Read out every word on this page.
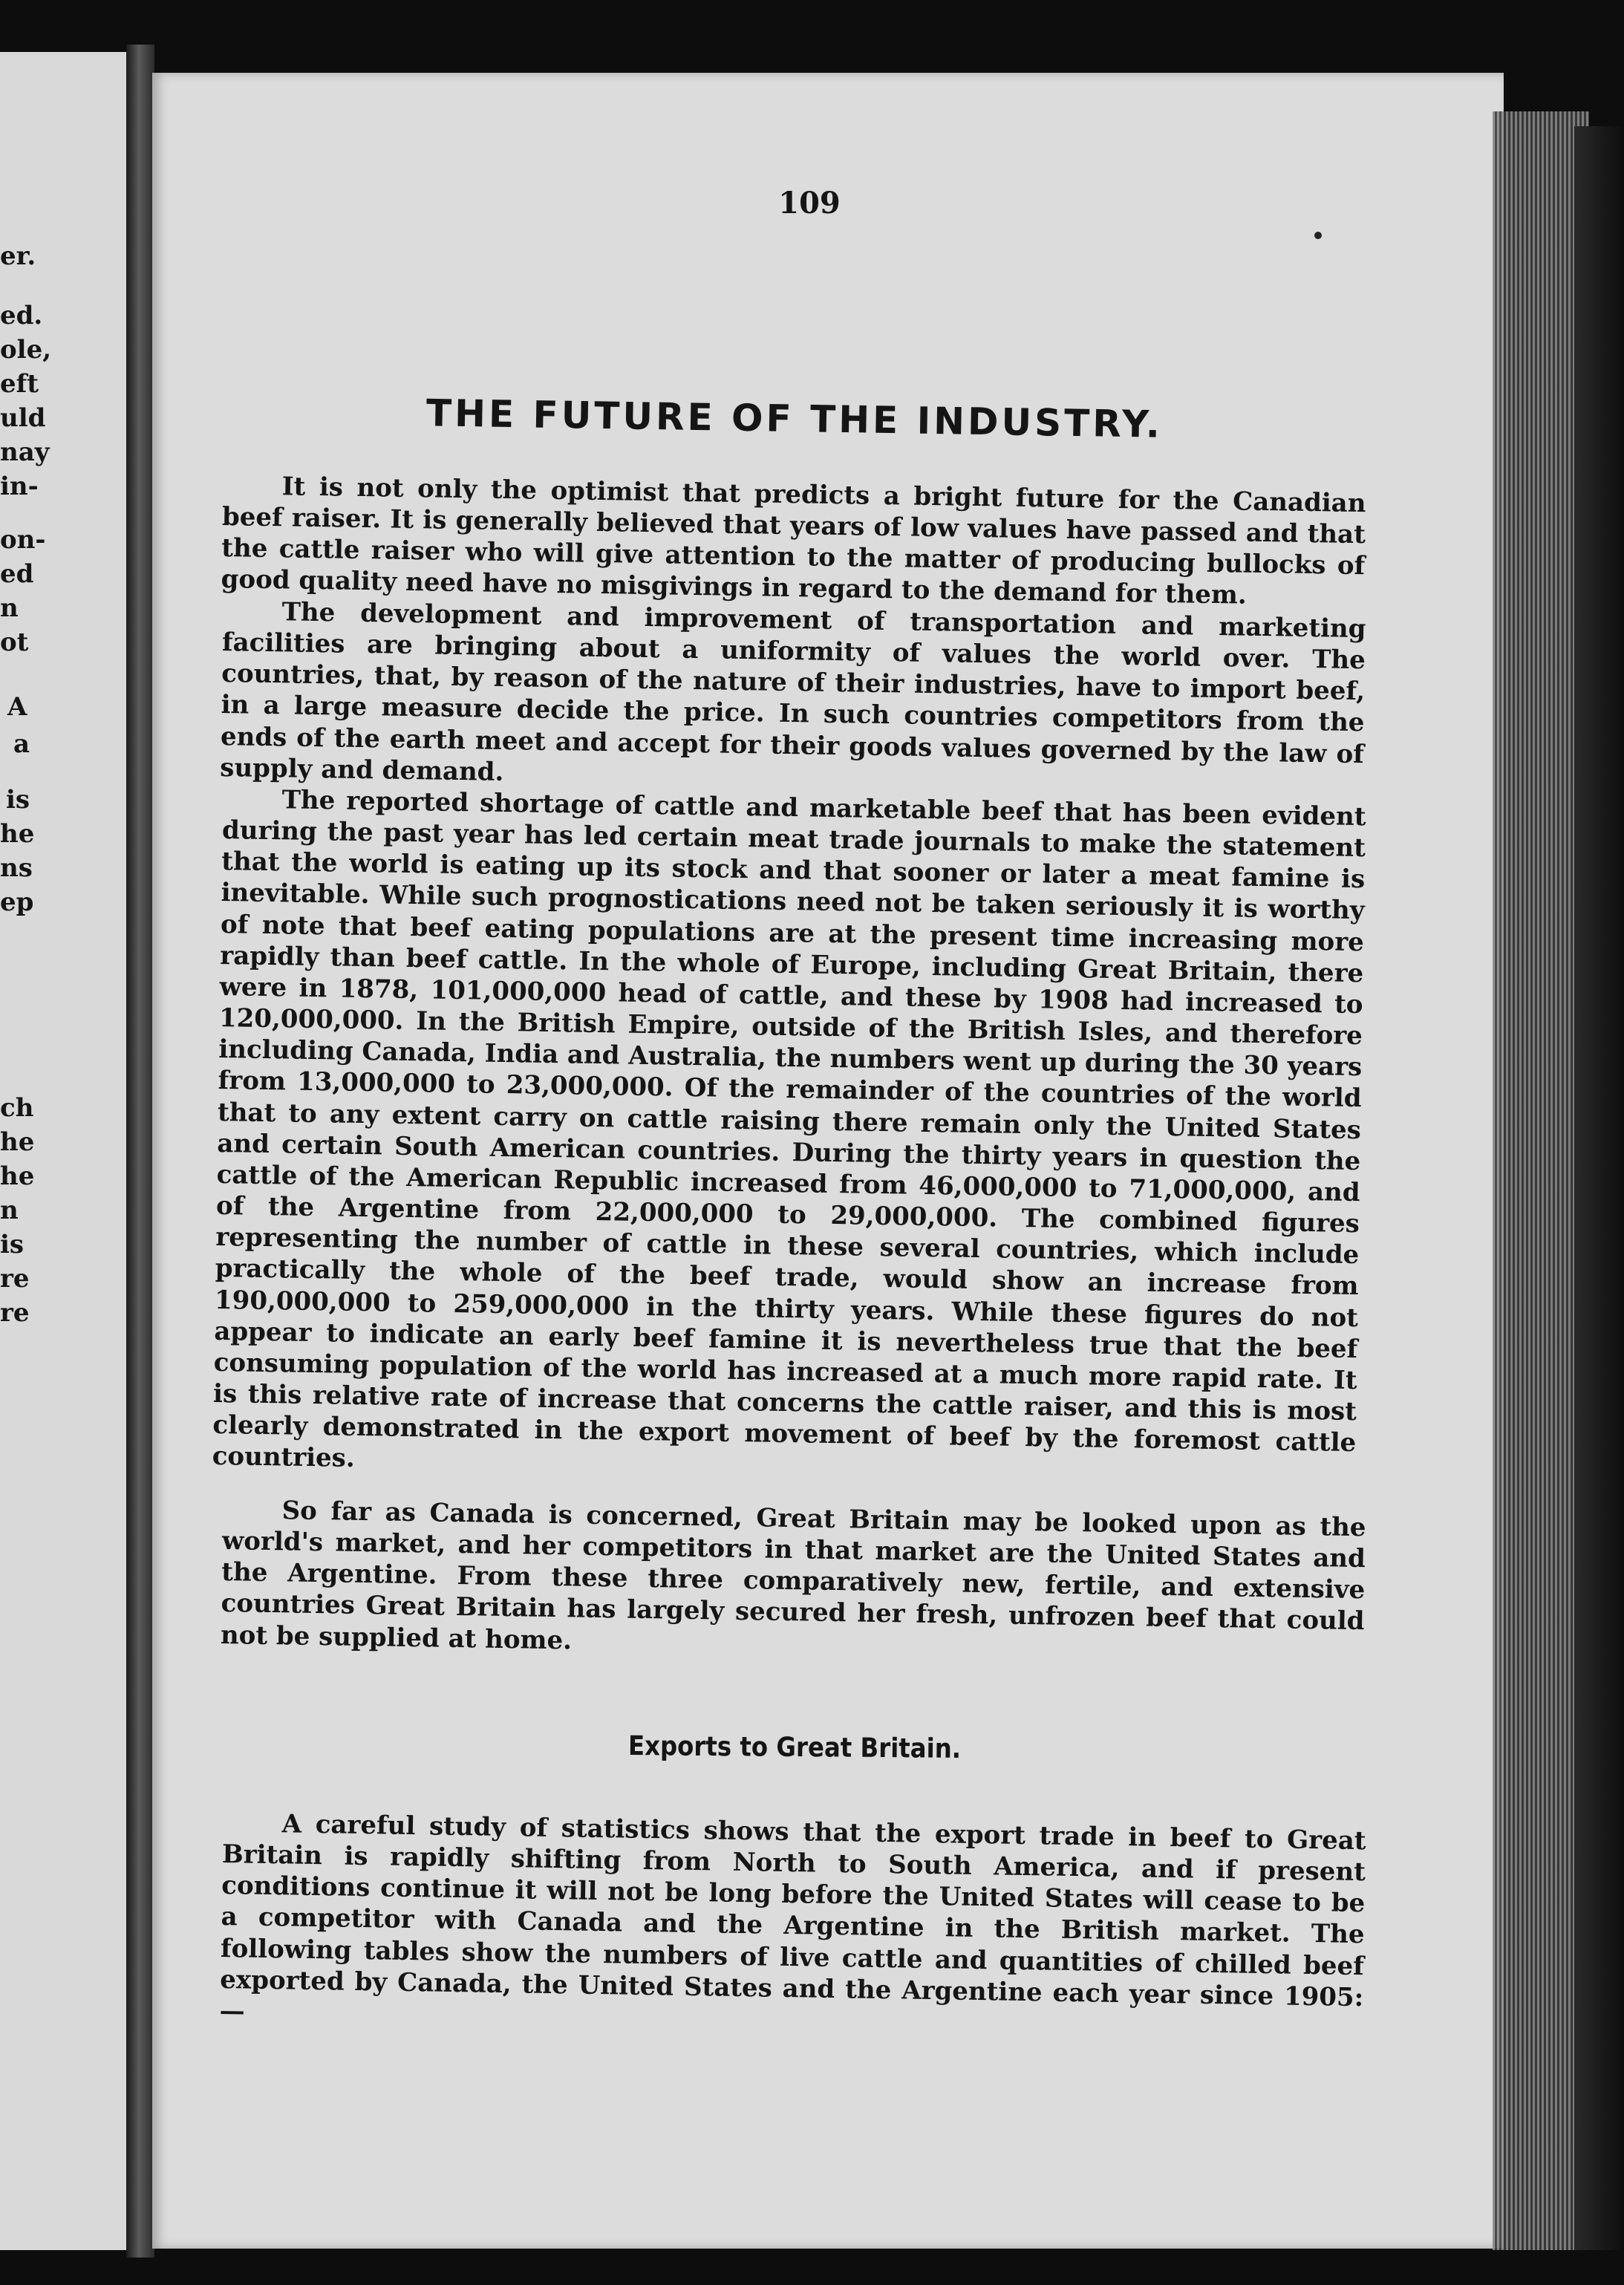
er.
ed.
ole,
eft
uld
nay
in-
on-
ed
n
ot
A
a
is
he
ns
ep
ch
he
he
n
is
re
re
109
THE FUTURE OF THE INDUSTRY.

It is not only the optimist that predicts a bright future for the Canadian beef raiser. It is generally believed that years of low values have passed and that the cattle raiser who will give attention to the matter of producing bullocks of good quality need have no misgivings in regard to the demand for them.

The development and improvement of transportation and marketing facilities are bringing about a uniformity of values the world over. The countries, that, by reason of the nature of their industries, have to import beef, in a large measure decide the price. In such countries competitors from the ends of the earth meet and accept for their goods values governed by the law of supply and demand.

The reported shortage of cattle and marketable beef that has been evident during the past year has led certain meat trade journals to make the statement that the world is eating up its stock and that sooner or later a meat famine is inevitable. While such prognostications need not be taken seriously it is worthy of note that beef eating populations are at the present time increasing more rapidly than beef cattle. In the whole of Europe, including Great Britain, there were in 1878, 101,000,000 head of cattle, and these by 1908 had increased to 120,000,000. In the British Empire, outside of the British Isles, and therefore including Canada, India and Australia, the numbers went up during the 30 years from 13,000,000 to 23,000,000. Of the remainder of the countries of the world that to any extent carry on cattle raising there remain only the United States and certain South American countries. During the thirty years in question the cattle of the American Republic increased from 46,000,000 to 71,000,000, and of the Argentine from 22,000,000 to 29,000,000. The combined figures representing the number of cattle in these several countries, which include practically the whole of the beef trade, would show an increase from 190,000,000 to 259,000,000 in the thirty years. While these figures do not appear to indicate an early beef famine it is nevertheless true that the beef consuming population of the world has increased at a much more rapid rate. It is this relative rate of increase that concerns the cattle raiser, and this is most clearly demonstrated in the export movement of beef by the foremost cattle countries.

So far as Canada is concerned, Great Britain may be looked upon as the world's market, and her competitors in that market are the United States and the Argentine. From these three comparatively new, fertile, and extensive countries Great Britain has largely secured her fresh, unfrozen beef that could not be supplied at home.

Exports to Great Britain.

A careful study of statistics shows that the export trade in beef to Great Britain is rapidly shifting from North to South America, and if present conditions continue it will not be long before the United States will cease to be a competitor with Canada and the Argentine in the British market. The following tables show the numbers of live cattle and quantities of chilled beef exported by Canada, the United States and the Argentine each year since 1905:—
